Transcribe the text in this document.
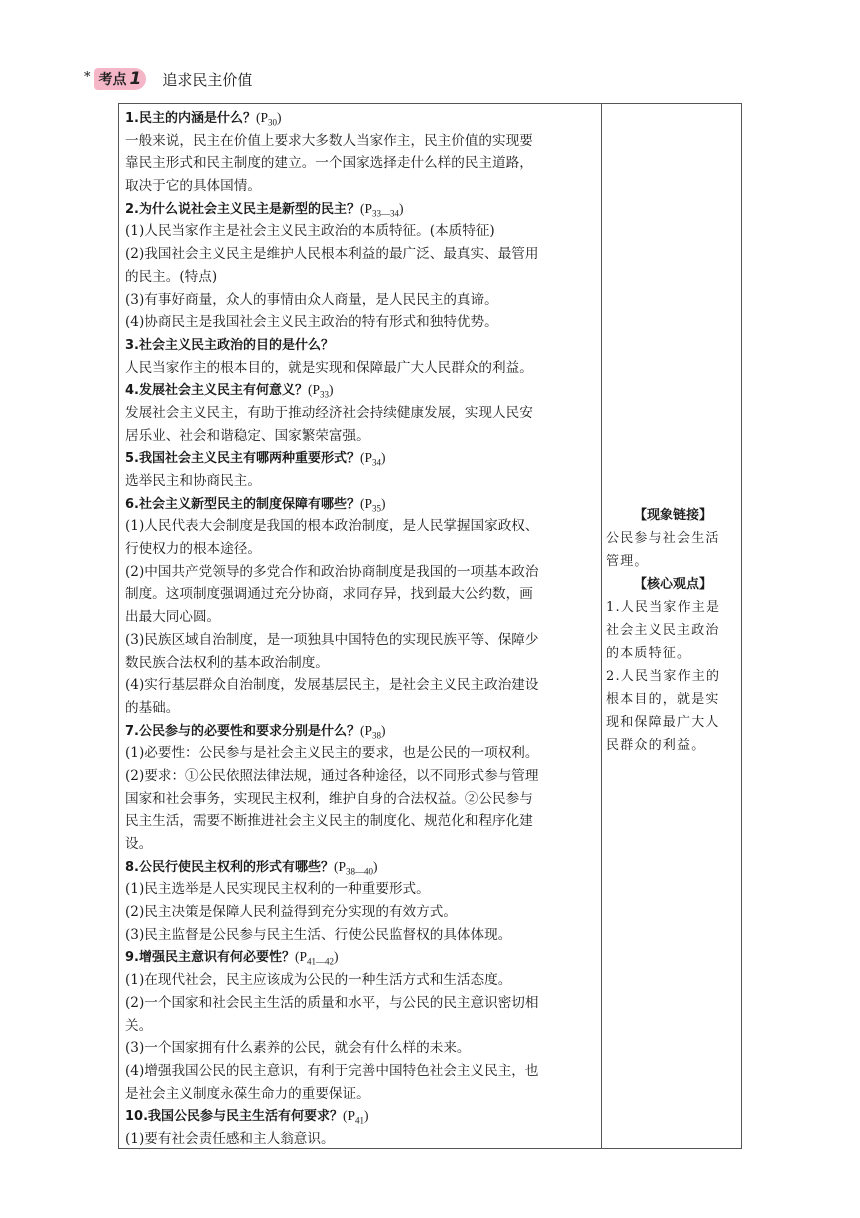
* 考点 1 追求民主价值
1.民主的内涵是什么？$(P_{30})$
一般来说，民主在价值上要求大多数人当家作主，民主价值的实现要
靠民主形式和民主制度的建立。一个国家选择走什么样的民主道路，
取决于它的具体国情。
2.为什么说社会主义民主是新型的民主？$(P_{33—34})$
(1)人民当家作主是社会主义民主政治的本质特征。(本质特征)
(2)我国社会主义民主是维护人民根本利益的最广泛、最真实、最管用
的民主。(特点)
(3)有事好商量，众人的事情由众人商量，是人民民主的真谛。
(4)协商民主是我国社会主义民主政治的特有形式和独特优势。
3.社会主义民主政治的目的是什么？
人民当家作主的根本目的，就是实现和保障最广大人民群众的利益。
4.发展社会主义民主有何意义？$(P_{33})$
发展社会主义民主，有助于推动经济社会持续健康发展，实现人民安
居乐业、社会和谐稳定、国家繁荣富强。
5.我国社会主义民主有哪两种重要形式？$(P_{34})$
选举民主和协商民主。
6.社会主义新型民主的制度保障有哪些？$(P_{35})$
(1)人民代表大会制度是我国的根本政治制度，是人民掌握国家政权、
行使权力的根本途径。
(2)中国共产党领导的多党合作和政治协商制度是我国的一项基本政治
制度。这项制度强调通过充分协商，求同存异，找到最大公约数，画
出最大同心圆。
(3)民族区域自治制度，是一项独具中国特色的实现民族平等、保障少
数民族合法权利的基本政治制度。
(4)实行基层群众自治制度，发展基层民主，是社会主义民主政治建设
的基础。
7.公民参与的必要性和要求分别是什么？$(P_{38})$
(1)必要性：公民参与是社会主义民主的要求，也是公民的一项权利。
(2)要求：①公民依照法律法规，通过各种途径，以不同形式参与管理
国家和社会事务，实现民主权利，维护自身的合法权益。②公民参与
民主生活，需要不断推进社会主义民主的制度化、规范化和程序化建
设。
8.公民行使民主权利的形式有哪些？$(P_{38—40})$
(1)民主选举是人民实现民主权利的一种重要形式。
(2)民主决策是保障人民利益得到充分实现的有效方式。
(3)民主监督是公民参与民主生活、行使公民监督权的具体体现。
9.增强民主意识有何必要性？$(P_{41—42})$
(1)在现代社会，民主应该成为公民的一种生活方式和生活态度。
(2)一个国家和社会民主生活的质量和水平，与公民的民主意识密切相
关。
(3)一个国家拥有什么素养的公民，就会有什么样的未来。
(4)增强我国公民的民主意识，有利于完善中国特色社会主义民主，也
是社会主义制度永葆生命力的重要保证。
10.我国公民参与民主生活有何要求？$(P_{41})$
(1)要有社会责任感和主人翁意识。
【现象链接】
公民参与社会生活
管理。
【核心观点】
1.人民当家作主是
社会主义民主政治
的本质特征。
2.人民当家作主的
根本目的，就是实
现和保障最广大人
民群众的利益。
